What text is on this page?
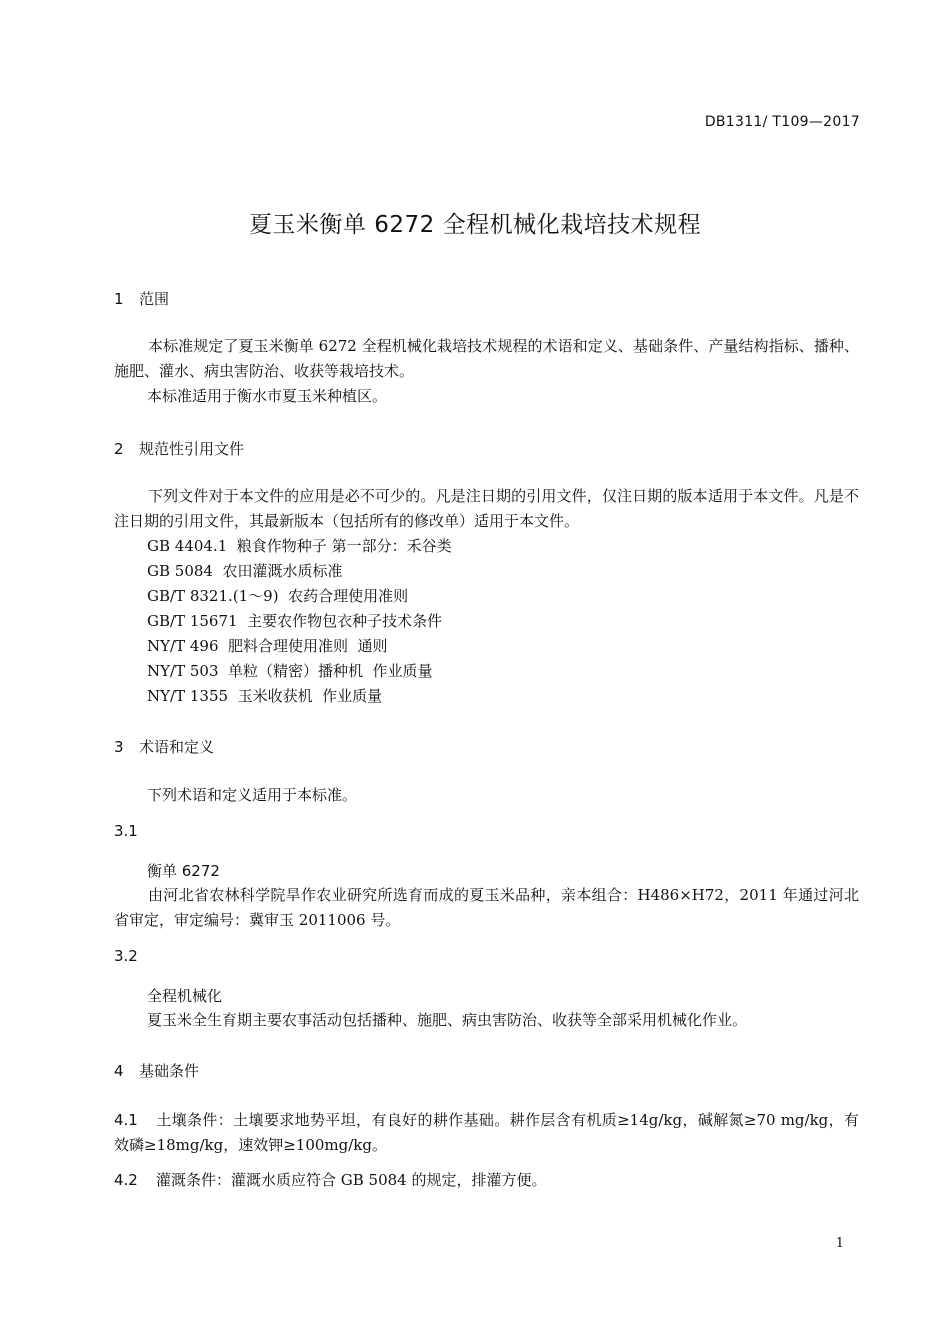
DB1311/ T109—2017
夏玉米衡单 6272 全程机械化栽培技术规程
1 范围
本标准规定了夏玉米衡单 6272 全程机械化栽培技术规程的术语和定义、基础条件、产量结构指标、播种、施肥、灌水、病虫害防治、收获等栽培技术。
本标准适用于衡水市夏玉米种植区。
2 规范性引用文件
下列文件对于本文件的应用是必不可少的。凡是注日期的引用文件，仅注日期的版本适用于本文件。凡是不注日期的引用文件，其最新版本（包括所有的修改单）适用于本文件。
GB 4404.1  粮食作物种子 第一部分：禾谷类
GB 5084  农田灌溉水质标准
GB/T 8321.(1～9)  农药合理使用准则
GB/T 15671  主要农作物包衣种子技术条件
NY/T 496  肥料合理使用准则  通则
NY/T 503  单粒（精密）播种机  作业质量
NY/T 1355  玉米收获机  作业质量
3 术语和定义
下列术语和定义适用于本标准。
3.1
衡单 6272
由河北省农林科学院旱作农业研究所选育而成的夏玉米品种，亲本组合：H486×H72，2011 年通过河北省审定，审定编号：冀审玉 2011006 号。
3.2
全程机械化
夏玉米全生育期主要农事活动包括播种、施肥、病虫害防治、收获等全部采用机械化作业。
4 基础条件
4.1 土壤条件：土壤要求地势平坦，有良好的耕作基础。耕作层含有机质≥14g/kg，碱解氮≥70 mg/kg，有效磷≥18mg/kg，速效钾≥100mg/kg。
4.2 灌溉条件：灌溉水质应符合 GB 5084 的规定，排灌方便。
1
